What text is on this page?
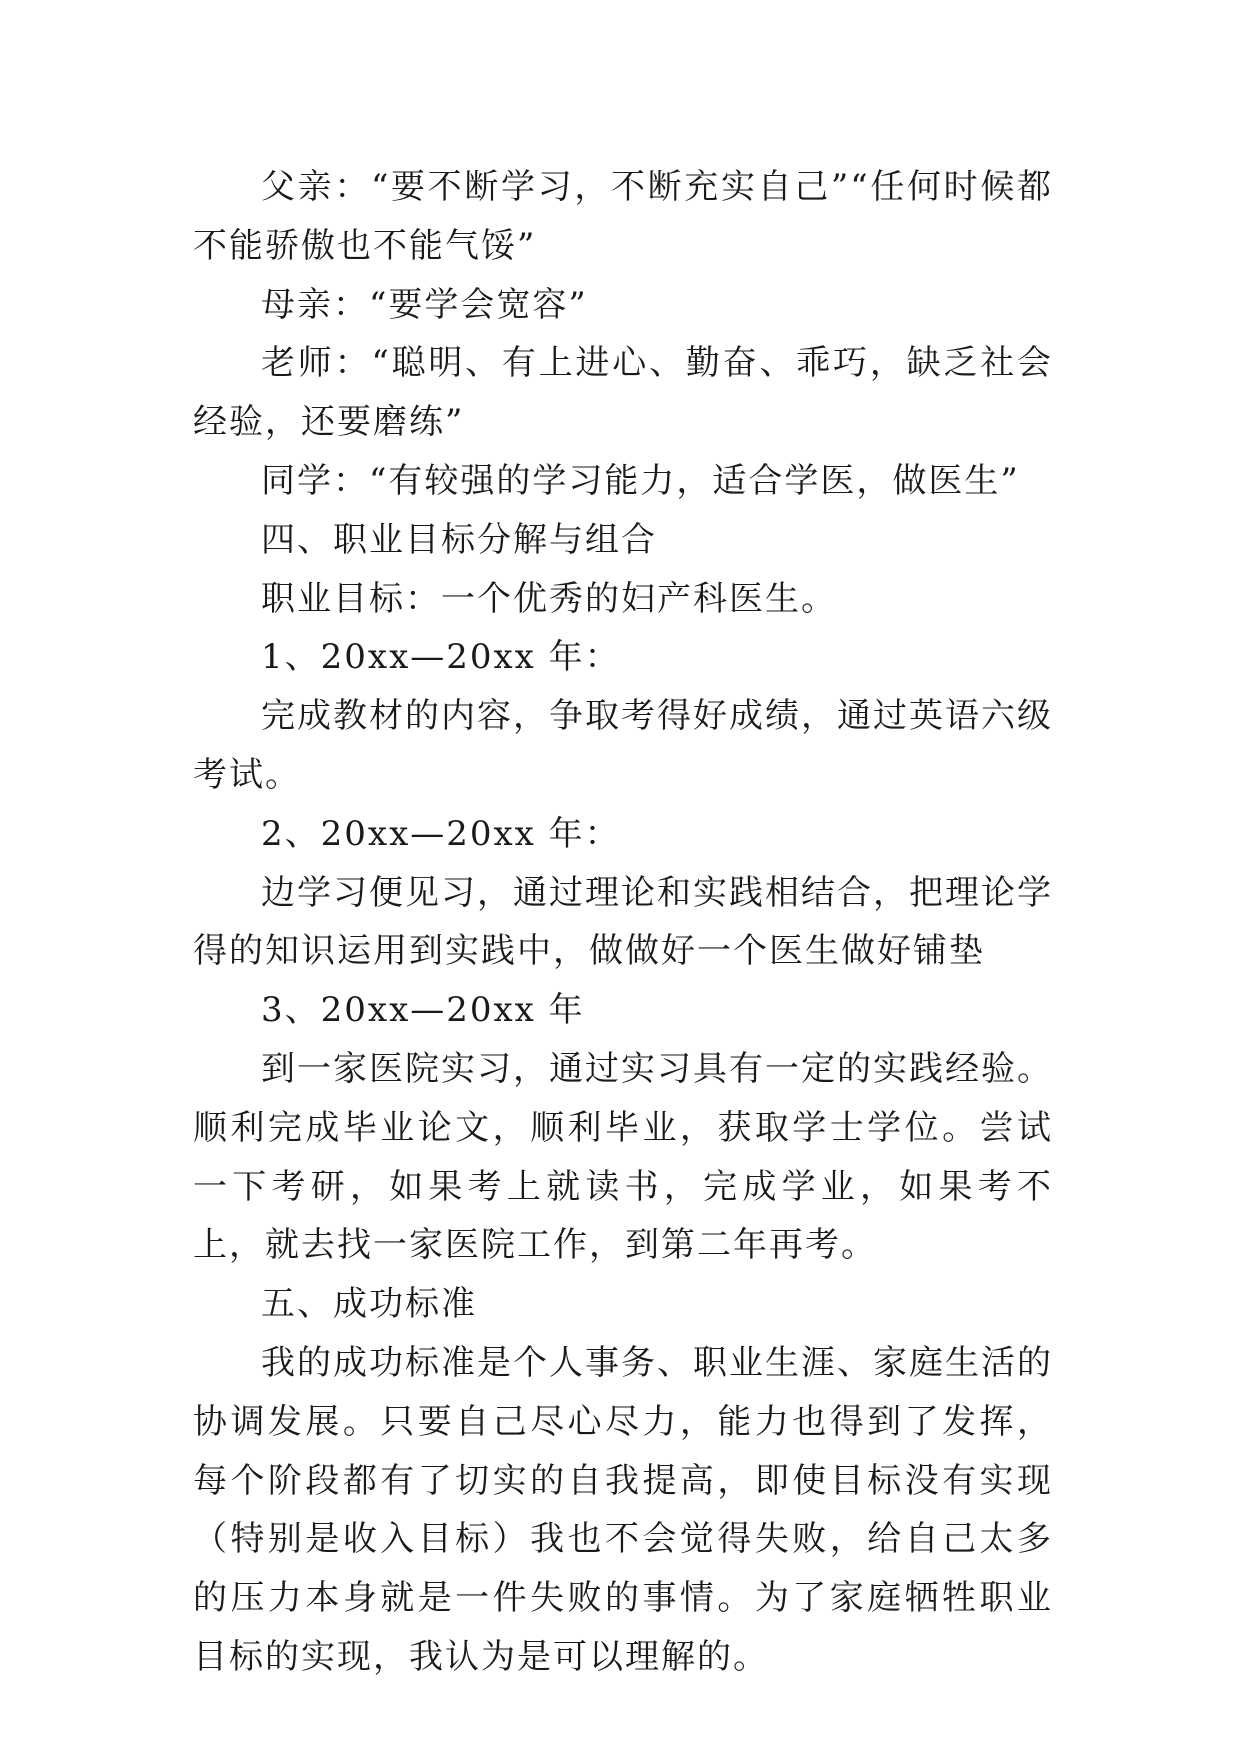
父亲：“要不断学习，不断充实自己”“任何时候都不能骄傲也不能气馁”

母亲：“要学会宽容”

老师：“聪明、有上进心、勤奋、乖巧，缺乏社会经验，还要磨练”

同学：“有较强的学习能力，适合学医，做医生”

四、职业目标分解与组合

职业目标：一个优秀的妇产科医生。

1、20xx—20xx 年：

完成教材的内容，争取考得好成绩，通过英语六级考试。

2、20xx—20xx 年：

边学习便见习，通过理论和实践相结合，把理论学得的知识运用到实践中，做做好一个医生做好铺垫

3、20xx—20xx 年

到一家医院实习，通过实习具有一定的实践经验。顺利完成毕业论文，顺利毕业，获取学士学位。尝试一下考研，如果考上就读书，完成学业，如果考不上，就去找一家医院工作，到第二年再考。

五、成功标准

我的成功标准是个人事务、职业生涯、家庭生活的协调发展。只要自己尽心尽力，能力也得到了发挥，每个阶段都有了切实的自我提高，即使目标没有实现（特别是收入目标）我也不会觉得失败，给自己太多的压力本身就是一件失败的事情。为了家庭牺牲职业目标的实现，我认为是可以理解的。
